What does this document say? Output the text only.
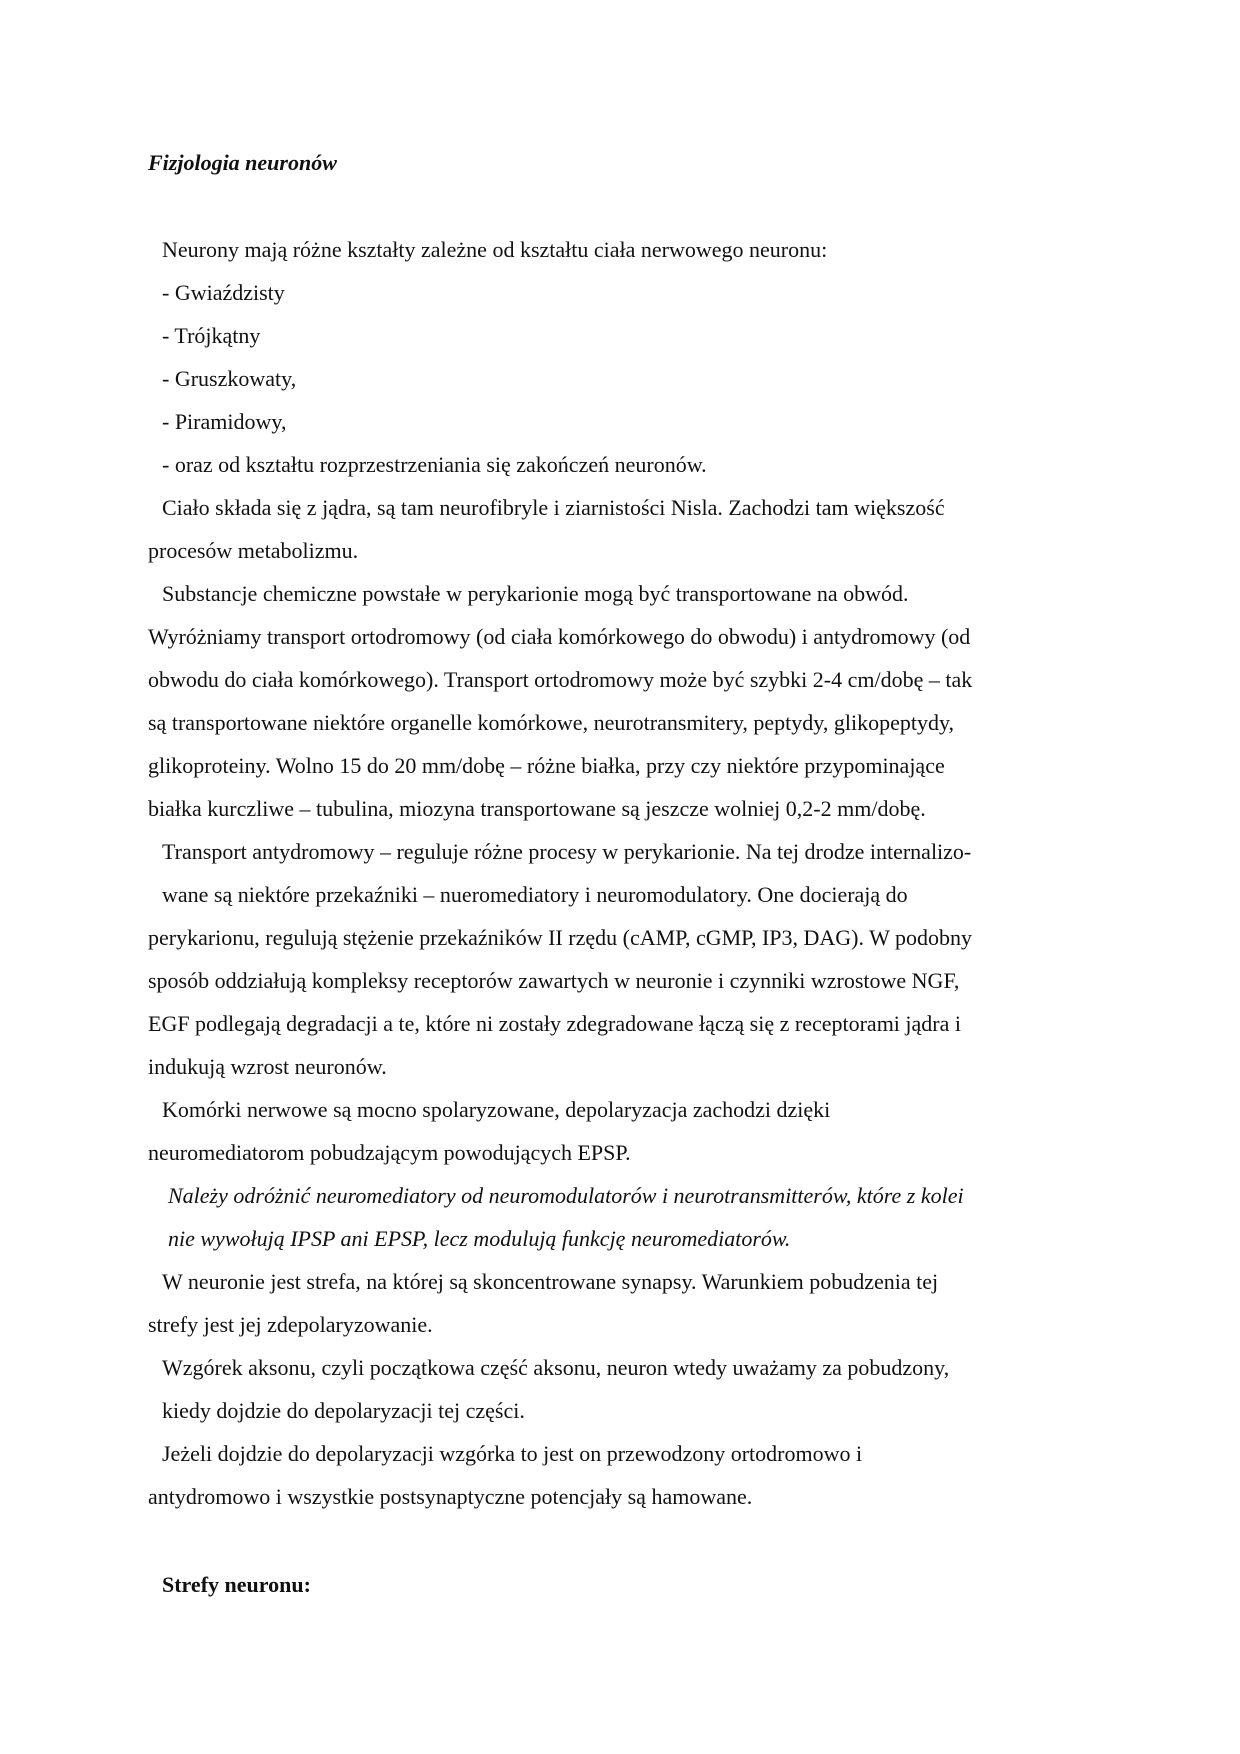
Fizjologia neuronów
Neurony mają różne kształty zależne od kształtu ciała nerwowego neuronu:
- Gwiaździsty
- Trójkątny
- Gruszkowaty,
- Piramidowy,
- oraz od kształtu rozprzestrzeniania się zakończeń neuronów.
Ciało składa się z jądra, są tam neurofibryle i ziarnistości Nisla. Zachodzi tam większość
procesów metabolizmu.
Substancje chemiczne powstałe w perykarionie mogą być transportowane na obwód.
Wyróżniamy transport ortodromowy (od ciała komórkowego do obwodu) i antydromowy (od
obwodu do ciała komórkowego). Transport ortodromowy może być szybki 2-4 cm/dobę – tak
są transportowane niektóre organelle komórkowe, neurotransmitery, peptydy, glikopeptydy,
glikoproteiny. Wolno 15 do 20 mm/dobę – różne białka, przy czy niektóre przypominające
białka kurczliwe – tubulina, miozyna transportowane są jeszcze wolniej 0,2-2 mm/dobę.
Transport antydromowy – reguluje różne procesy w perykarionie. Na tej drodze internalizo-
wane są niektóre przekaźniki – nueromediatory i neuromodulatory. One docierają do
perykarionu, regulują stężenie przekaźników II rzędu (cAMP, cGMP, IP3, DAG). W podobny
sposób oddziałują kompleksy receptorów zawartych w neuronie i czynniki wzrostowe NGF,
EGF podlegają degradacji a te, które ni zostały zdegradowane łączą się z receptorami jądra i
indukują wzrost neuronów.
Komórki nerwowe są mocno spolaryzowane, depolaryzacja zachodzi dzięki
neuromediatorom pobudzającym powodujących EPSP.
Należy odróżnić neuromediatory od neuromodulatorów i neurotransmitterów, które z kolei
nie wywołują IPSP ani EPSP, lecz modulują funkcję neuromediatorów.
W neuronie jest strefa, na której są skoncentrowane synapsy. Warunkiem pobudzenia tej
strefy jest jej zdepolaryzowanie.
Wzgórek aksonu, czyli początkowa część aksonu, neuron wtedy uważamy za pobudzony,
kiedy dojdzie do depolaryzacji tej części.
Jeżeli dojdzie do depolaryzacji wzgórka to jest on przewodzony ortodromowo i
antydromowo i wszystkie postsynaptyczne potencjały są hamowane.
Strefy neuronu:
